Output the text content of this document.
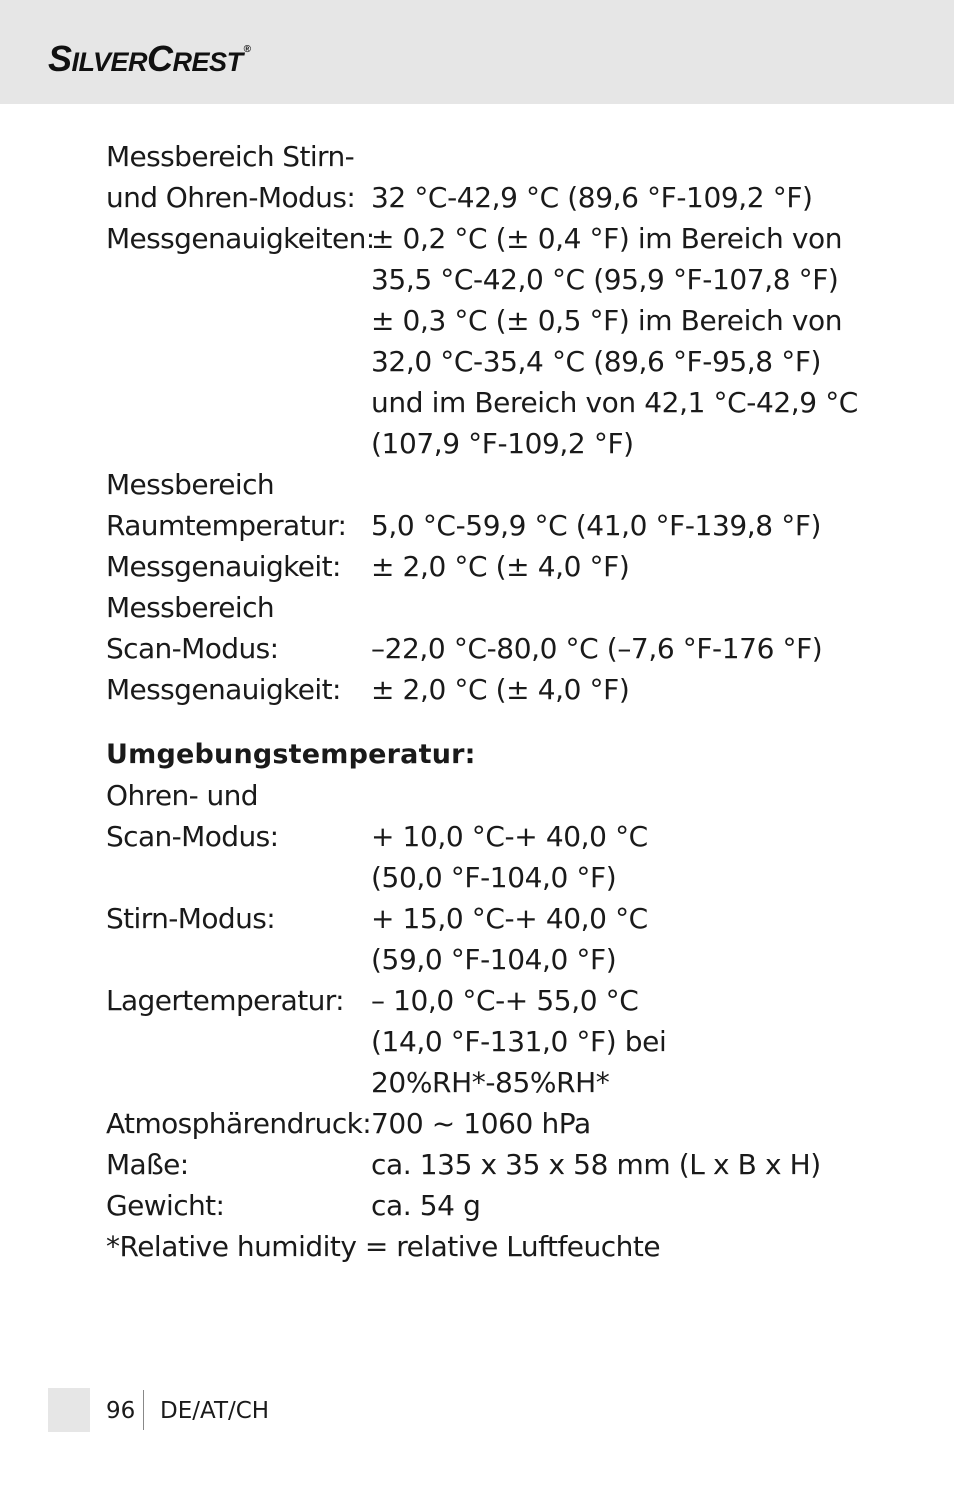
SILVERCREST®
Messbereich Stirn-
und Ohren-Modus: 32 °C-42,9 °C (89,6 °F-109,2 °F)
Messgenauigkeiten:
± 0,2 °C (± 0,4 °F) im Bereich von
35,5 °C-42,0 °C (95,9 °F-107,8 °F)
± 0,3 °C (± 0,5 °F) im Bereich von
32,0 °C-35,4 °C (89,6 °F-95,8 °F)
und im Bereich von 42,1 °C-42,9 °C
(107,9 °F-109,2 °F)
Messbereich
Raumtemperatur: 5,0 °C-59,9 °C (41,0 °F-139,8 °F)
Messgenauigkeit:	± 2,0 °C (± 4,0 °F)
Messbereich
Scan-Modus:	–22,0 °C-80,0 °C (–7,6 °F-176 °F)
Messgenauigkeit:	± 2,0 °C (± 4,0 °F)
Umgebungstemperatur:
Ohren- und
Scan-Modus:	+ 10,0 °C-+ 40,0 °C
(50,0 °F-104,0 °F)
Stirn-Modus:	+ 15,0 °C-+ 40,0 °C
(59,0 °F-104,0 °F)
Lagertemperatur: – 10,0 °C-+ 55,0 °C
(14,0 °F-131,0 °F) bei
20%RH*-85%RH*
Atmosphärendruck: 700 ~ 1060 hPa
Maße:	ca. 135 x 35 x 58 mm (L x B x H)
Gewicht:	ca. 54 g
*Relative humidity = relative Luftfeuchte
96 DE/AT/CH
